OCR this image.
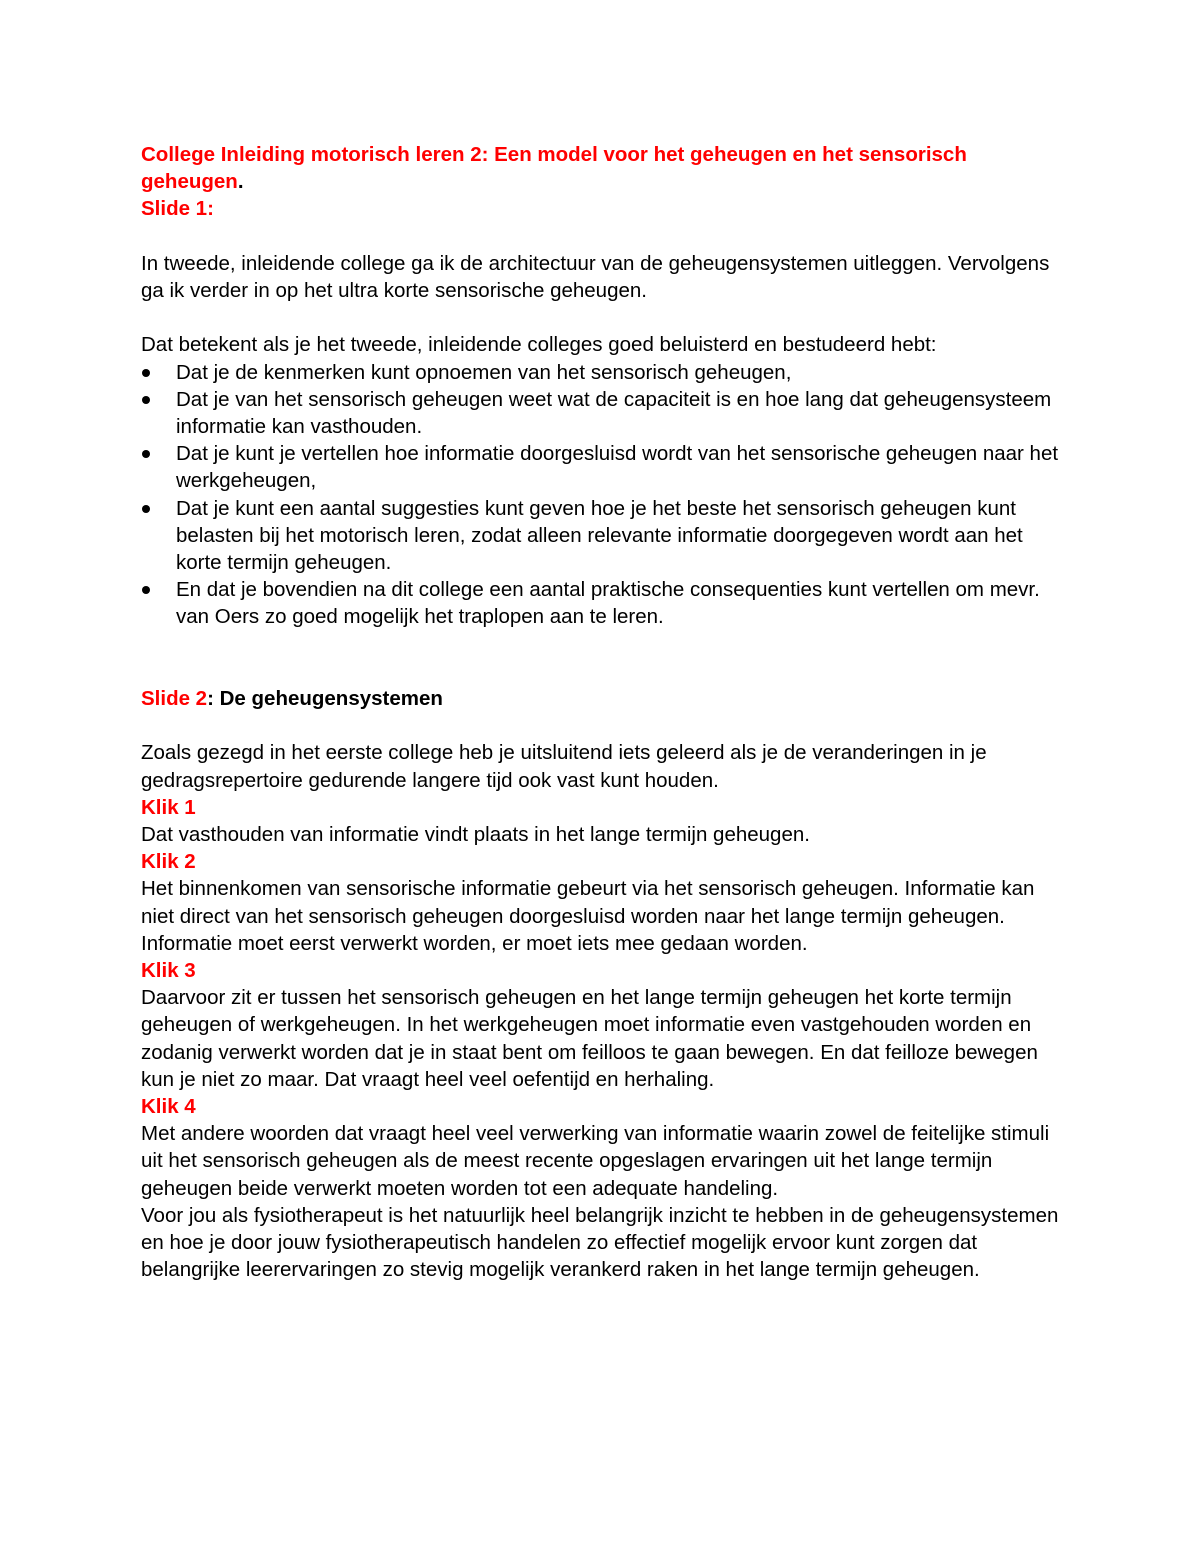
College Inleiding motorisch leren 2: Een model voor het geheugen en het sensorisch geheugen.

Slide 1:

In tweede, inleidende college ga ik de architectuur van de geheugensystemen uitleggen. Vervolgens ga ik verder in op het ultra korte sensorische geheugen.

Dat betekent als je het tweede, inleidende colleges goed beluisterd en bestudeerd hebt:

Dat je de kenmerken kunt opnoemen van het sensorisch geheugen,
Dat je van het sensorisch geheugen weet wat de capaciteit is en hoe lang dat geheugensysteem informatie kan vasthouden.
Dat je kunt je vertellen hoe informatie doorgesluisd wordt van het sensorische geheugen naar het werkgeheugen,
Dat je kunt een aantal suggesties kunt geven hoe je het beste het sensorisch geheugen kunt belasten bij het motorisch leren, zodat alleen relevante informatie doorgegeven wordt aan het korte termijn geheugen.
En dat je bovendien na dit college een aantal praktische consequenties kunt vertellen om mevr. van Oers zo goed mogelijk het traplopen aan te leren.

Slide 2: De geheugensystemen

Zoals gezegd in het eerste college heb je uitsluitend iets geleerd als je de veranderingen in je gedragsrepertoire gedurende langere tijd ook vast kunt houden.

Klik 1

Dat vasthouden van informatie vindt plaats in het lange termijn geheugen.

Klik 2

Het binnenkomen van sensorische informatie gebeurt via het sensorisch geheugen. Informatie kan niet direct van het sensorisch geheugen doorgesluisd worden naar het lange termijn geheugen. Informatie moet eerst verwerkt worden, er moet iets mee gedaan worden.

Klik 3

Daarvoor zit er tussen het sensorisch geheugen en het lange termijn geheugen het korte termijn geheugen of werkgeheugen. In het werkgeheugen moet informatie even vastgehouden worden en zodanig verwerkt worden dat je in staat bent om feilloos te gaan bewegen. En dat feilloze bewegen kun je niet zo maar. Dat vraagt heel veel oefentijd en herhaling.

Klik 4

Met andere woorden dat vraagt heel veel verwerking van informatie waarin zowel de feitelijke stimuli uit het sensorisch geheugen als de meest recente opgeslagen ervaringen uit het lange termijn geheugen beide verwerkt moeten worden tot een adequate handeling.

Voor jou als fysiotherapeut is het natuurlijk heel belangrijk inzicht te hebben in de geheugensystemen en hoe je door jouw fysiotherapeutisch handelen zo effectief mogelijk ervoor kunt zorgen dat belangrijke leerervaringen zo stevig mogelijk verankerd raken in het lange termijn geheugen.
